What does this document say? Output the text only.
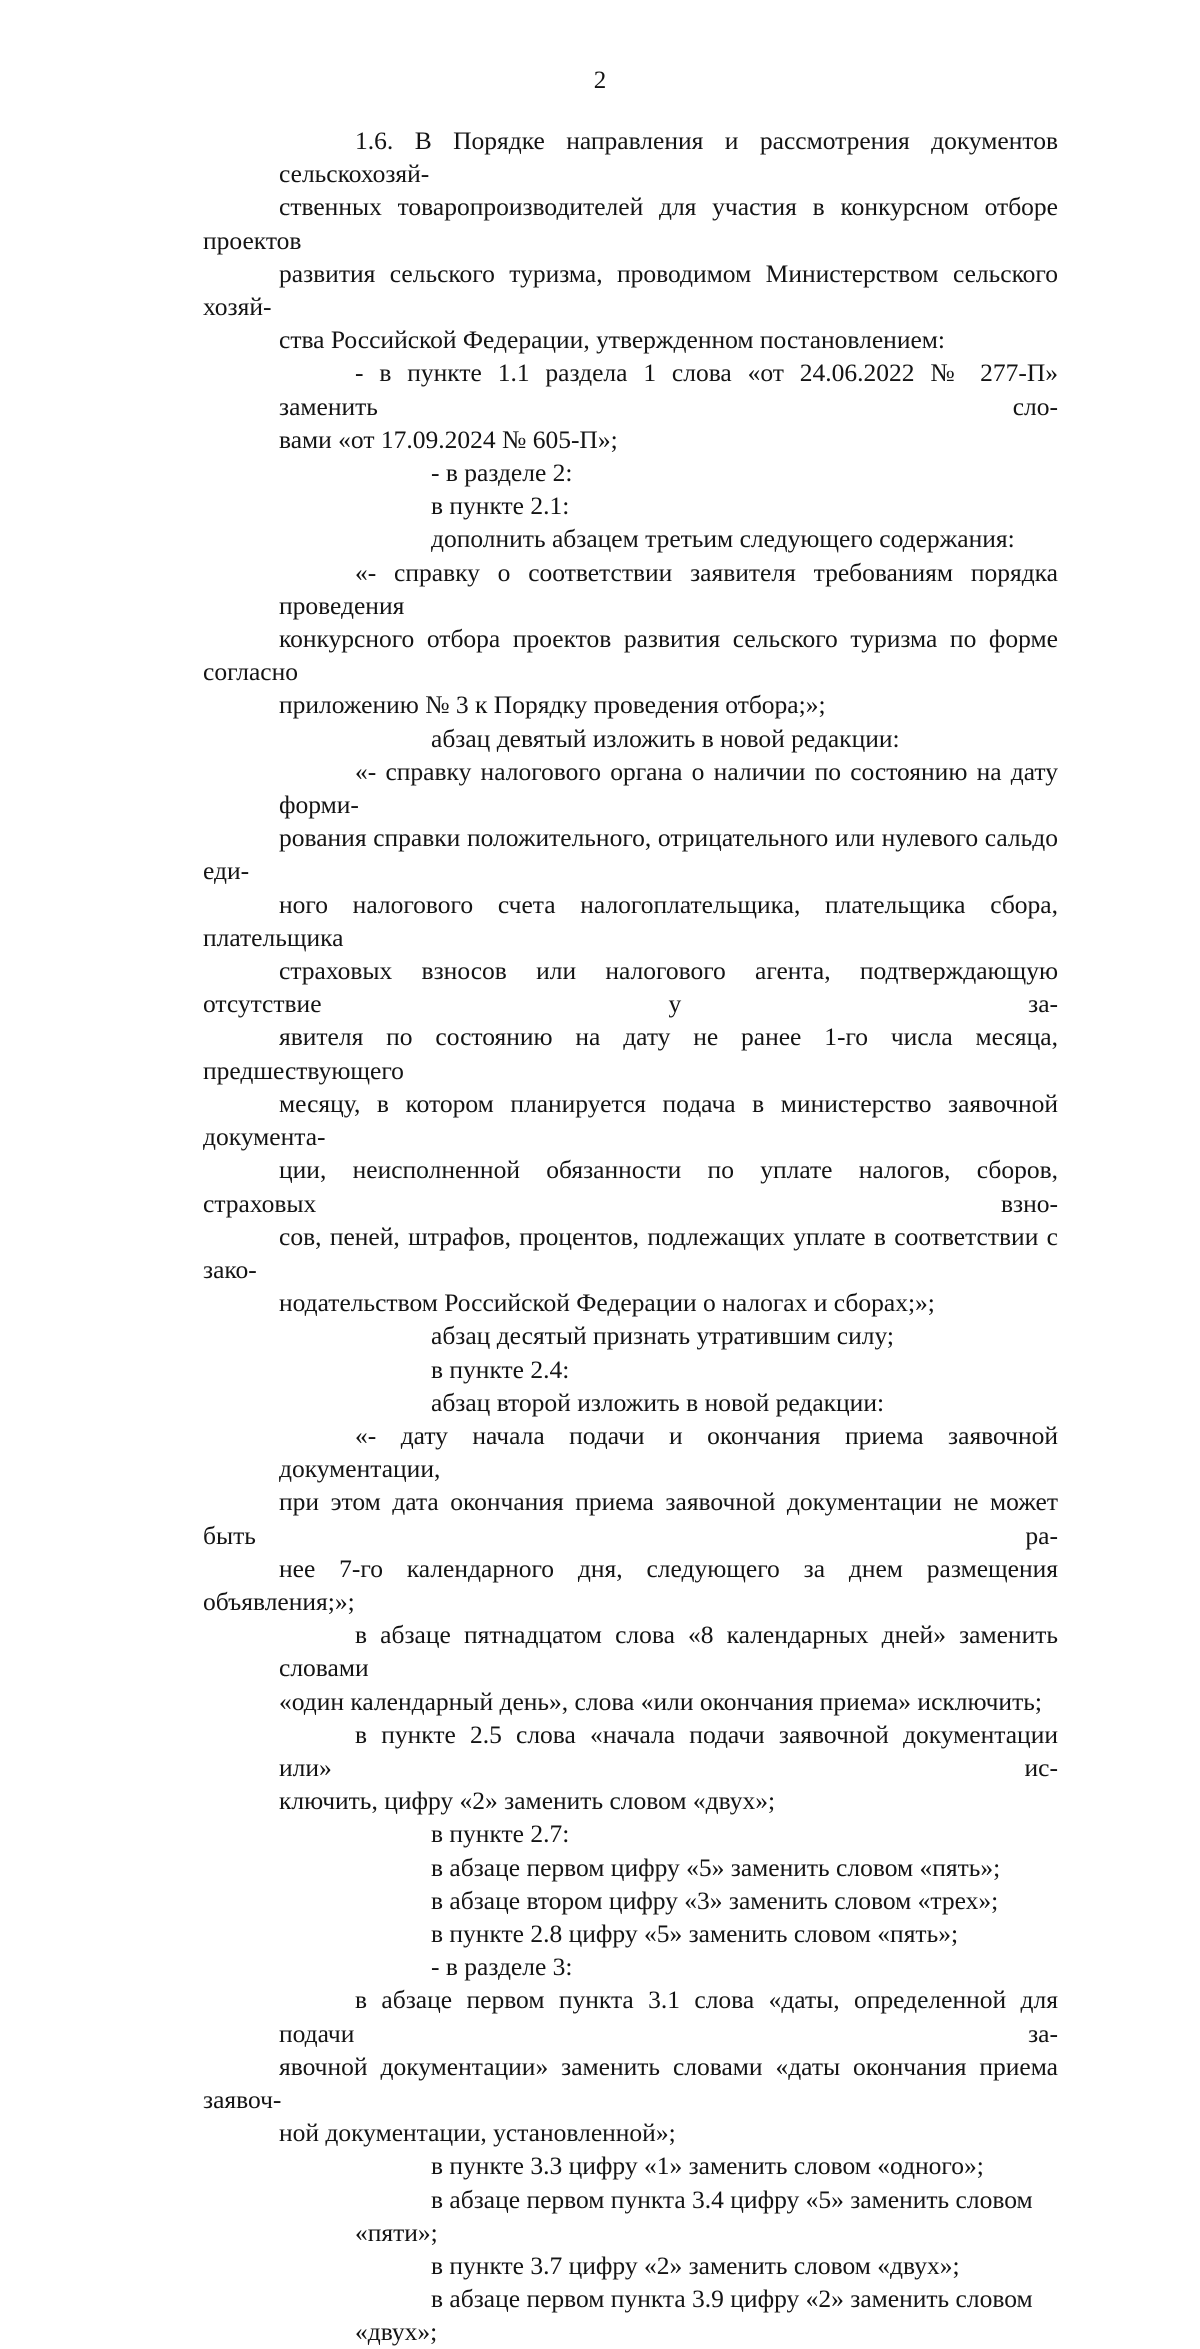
2
1.6. В Порядке направления и рассмотрения документов сельскохозяй-
ственных товаропроизводителей для участия в конкурсном отборе проектов
развития сельского туризма, проводимом Министерством сельского хозяй-
ства Российской Федерации, утвержденном постановлением:
- в пункте 1.1 раздела 1 слова «от 24.06.2022 № 277-П» заменить сло-
вами «от 17.09.2024 № 605-П»;
- в разделе 2:
в пункте 2.1:
дополнить абзацем третьим следующего содержания:
«- справку о соответствии заявителя требованиям порядка проведения
конкурсного отбора проектов развития сельского туризма по форме согласно
приложению № 3 к Порядку проведения отбора;»;
абзац девятый изложить в новой редакции:
«- справку налогового органа о наличии по состоянию на дату форми-
рования справки положительного, отрицательного или нулевого сальдо еди-
ного налогового счета налогоплательщика, плательщика сбора, плательщика
страховых взносов или налогового агента, подтверждающую отсутствие у за-
явителя по состоянию на дату не ранее 1-го числа месяца, предшествующего
месяцу, в котором планируется подача в министерство заявочной документа-
ции, неисполненной обязанности по уплате налогов, сборов, страховых взно-
сов, пеней, штрафов, процентов, подлежащих уплате в соответствии с зако-
нодательством Российской Федерации о налогах и сборах;»;
абзац десятый признать утратившим силу;
в пункте 2.4:
абзац второй изложить в новой редакции:
«- дату начала подачи и окончания приема заявочной документации,
при этом дата окончания приема заявочной документации не может быть ра-
нее 7-го календарного дня, следующего за днем размещения объявления;»;
в абзаце пятнадцатом слова «8 календарных дней» заменить словами
«один календарный день», слова «или окончания приема» исключить;
в пункте 2.5 слова «начала подачи заявочной документации или» ис-
ключить, цифру «2» заменить словом «двух»;
в пункте 2.7:
в абзаце первом цифру «5» заменить словом «пять»;
в абзаце втором цифру «3» заменить словом «трех»;
в пункте 2.8 цифру «5» заменить словом «пять»;
- в разделе 3:
в абзаце первом пункта 3.1 слова «даты, определенной для подачи за-
явочной документации» заменить словами «даты окончания приема заявоч-
ной документации, установленной»;
в пункте 3.3 цифру «1» заменить словом «одного»;
в абзаце первом пункта 3.4 цифру «5» заменить словом «пяти»;
в пункте 3.7 цифру «2» заменить словом «двух»;
в абзаце первом пункта 3.9 цифру «2» заменить словом «двух»;
